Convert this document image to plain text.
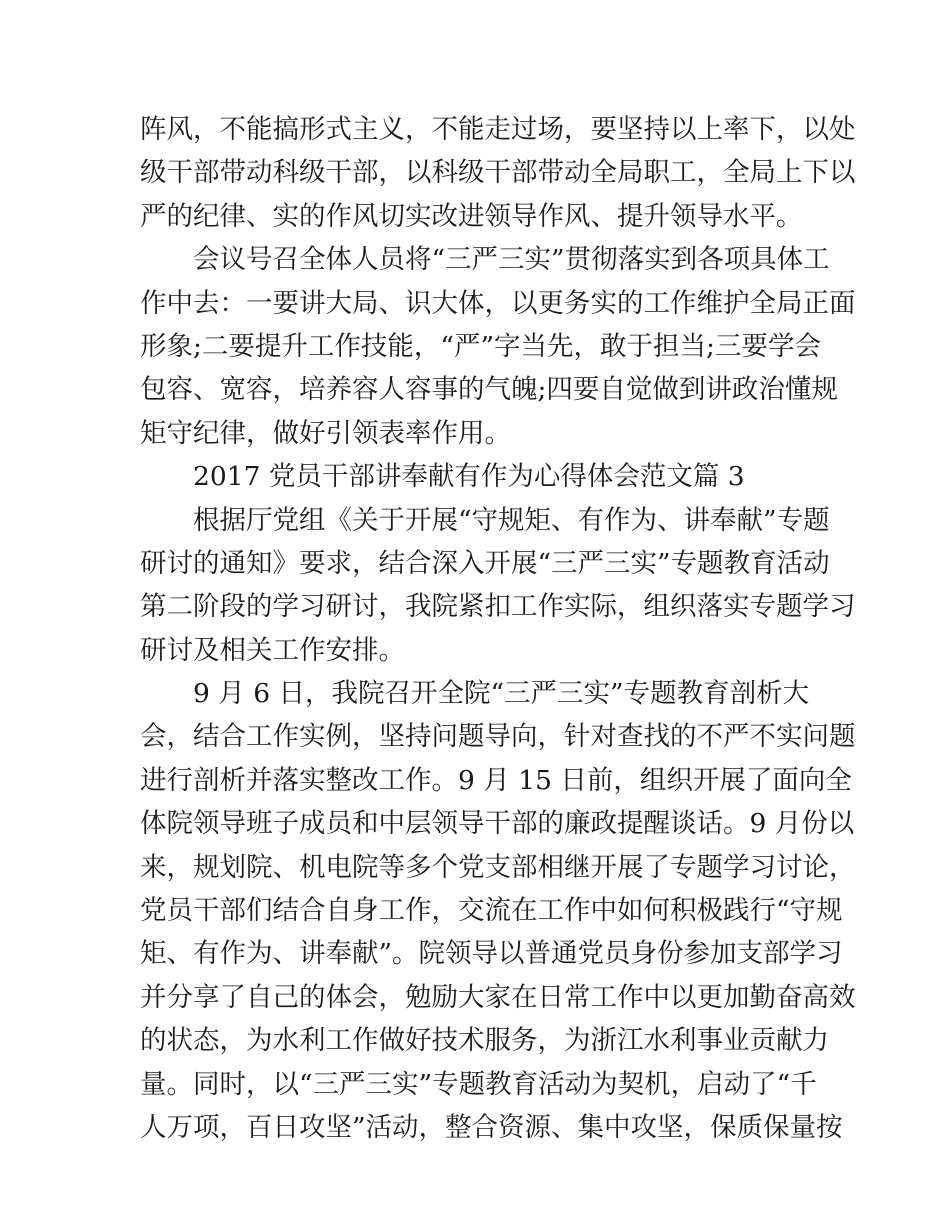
阵风，不能搞形式主义，不能走过场，要坚持以上率下，以处
级干部带动科级干部，以科级干部带动全局职工，全局上下以
严的纪律、实的作风切实改进领导作风、提升领导水平。
会议号召全体人员将“三严三实”贯彻落实到各项具体工
作中去：一要讲大局、识大体，以更务实的工作维护全局正面
形象;二要提升工作技能，“严”字当先，敢于担当;三要学会
包容、宽容，培养容人容事的气魄;四要自觉做到讲政治懂规
矩守纪律，做好引领表率作用。
2017 党员干部讲奉献有作为心得体会范文篇 3
根据厅党组《关于开展“守规矩、有作为、讲奉献”专题
研讨的通知》要求，结合深入开展“三严三实”专题教育活动
第二阶段的学习研讨，我院紧扣工作实际，组织落实专题学习
研讨及相关工作安排。
9 月 6 日，我院召开全院“三严三实”专题教育剖析大
会，结合工作实例，坚持问题导向，针对查找的不严不实问题
进行剖析并落实整改工作。9 月 15 日前，组织开展了面向全
体院领导班子成员和中层领导干部的廉政提醒谈话。9 月份以
来，规划院、机电院等多个党支部相继开展了专题学习讨论，
党员干部们结合自身工作，交流在工作中如何积极践行“守规
矩、有作为、讲奉献”。院领导以普通党员身份参加支部学习
并分享了自己的体会，勉励大家在日常工作中以更加勤奋高效
的状态，为水利工作做好技术服务，为浙江水利事业贡献力
量。同时，以“三严三实”专题教育活动为契机，启动了“千
人万项，百日攻坚”活动，整合资源、集中攻坚，保质保量按
